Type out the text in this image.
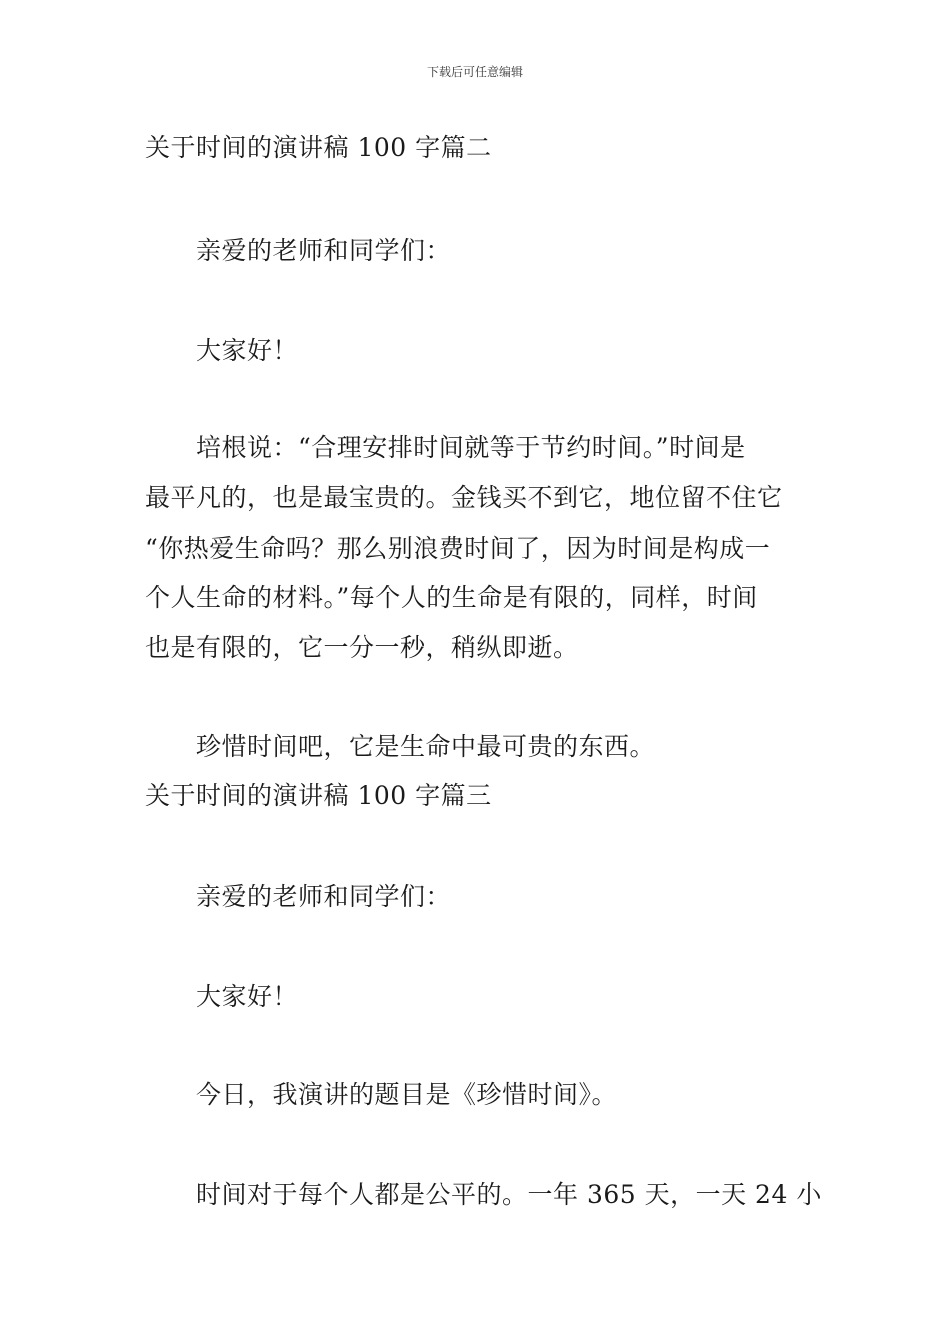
下载后可任意编辑
关于时间的演讲稿 100 字篇二
亲爱的老师和同学们：
大家好！
培根说：“合理安排时间就等于节约时间。”时间是
最平凡的，也是最宝贵的。金钱买不到它，地位留不住它
“你热爱生命吗？那么别浪费时间了，因为时间是构成一
个人生命的材料。”每个人的生命是有限的，同样，时间
也是有限的，它一分一秒，稍纵即逝。
珍惜时间吧，它是生命中最可贵的东西。
关于时间的演讲稿 100 字篇三
亲爱的老师和同学们：
大家好！
今日，我演讲的题目是《珍惜时间》。
时间对于每个人都是公平的。一年 365 天，一天 24 小
